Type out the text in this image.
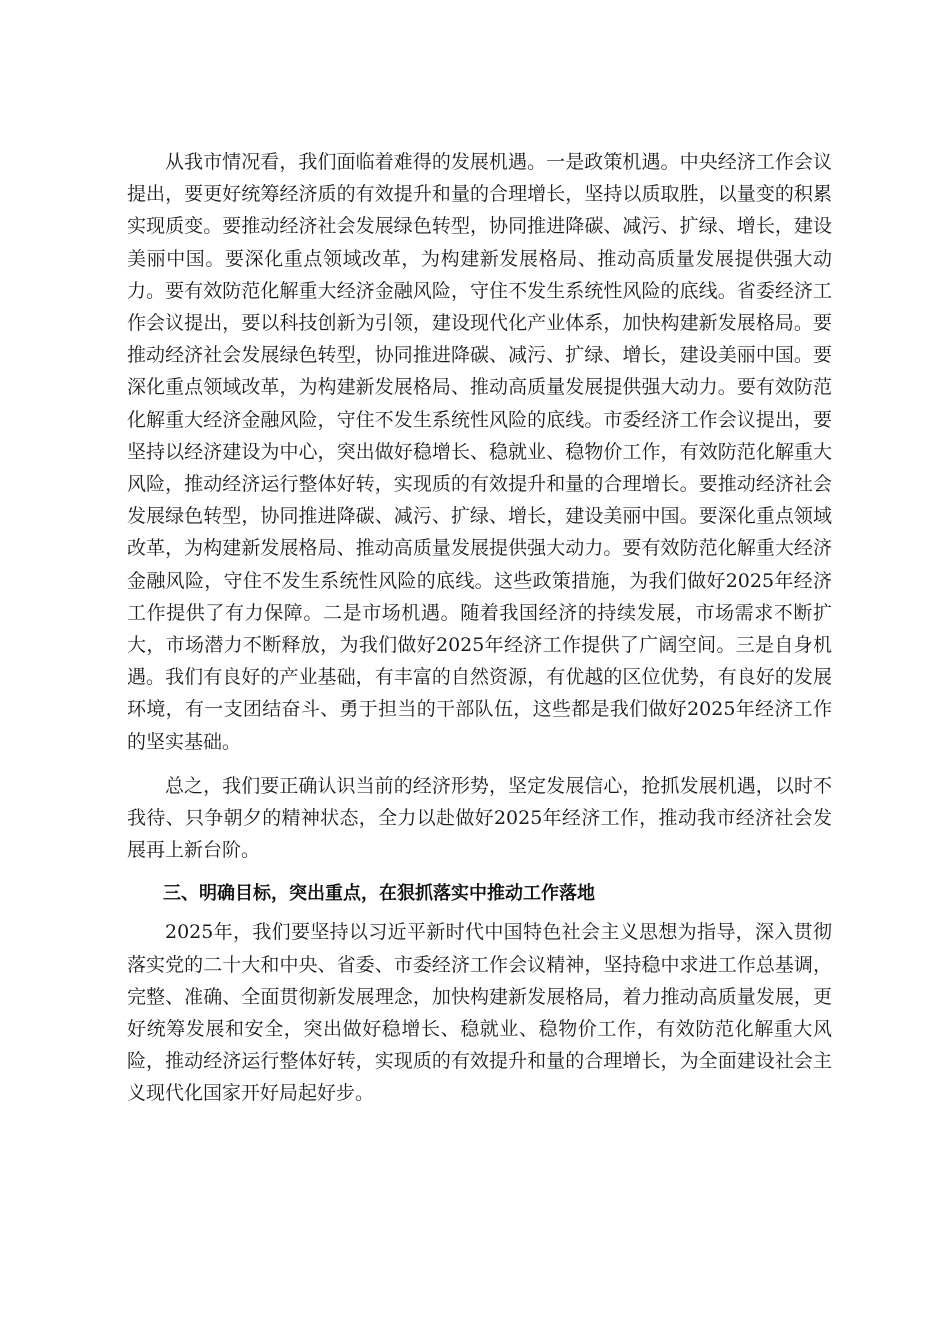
从我市情况看，我们面临着难得的发展机遇。一是政策机遇。中央经济工作会议提出，要更好统筹经济质的有效提升和量的合理增长，坚持以质取胜，以量变的积累实现质变。要推动经济社会发展绿色转型，协同推进降碳、减污、扩绿、增长，建设美丽中国。要深化重点领域改革，为构建新发展格局、推动高质量发展提供强大动力。要有效防范化解重大经济金融风险，守住不发生系统性风险的底线。省委经济工作会议提出，要以科技创新为引领，建设现代化产业体系，加快构建新发展格局。要推动经济社会发展绿色转型，协同推进降碳、减污、扩绿、增长，建设美丽中国。要深化重点领域改革，为构建新发展格局、推动高质量发展提供强大动力。要有效防范化解重大经济金融风险，守住不发生系统性风险的底线。市委经济工作会议提出，要坚持以经济建设为中心，突出做好稳增长、稳就业、稳物价工作，有效防范化解重大风险，推动经济运行整体好转，实现质的有效提升和量的合理增长。要推动经济社会发展绿色转型，协同推进降碳、减污、扩绿、增长，建设美丽中国。要深化重点领域改革，为构建新发展格局、推动高质量发展提供强大动力。要有效防范化解重大经济金融风险，守住不发生系统性风险的底线。这些政策措施，为我们做好2025年经济工作提供了有力保障。二是市场机遇。随着我国经济的持续发展，市场需求不断扩大，市场潜力不断释放，为我们做好2025年经济工作提供了广阔空间。三是自身机遇。我们有良好的产业基础，有丰富的自然资源，有优越的区位优势，有良好的发展环境，有一支团结奋斗、勇于担当的干部队伍，这些都是我们做好2025年经济工作的坚实基础。

总之，我们要正确认识当前的经济形势，坚定发展信心，抢抓发展机遇，以时不我待、只争朝夕的精神状态，全力以赴做好2025年经济工作，推动我市经济社会发展再上新台阶。

三、明确目标，突出重点，在狠抓落实中推动工作落地

2025年，我们要坚持以习近平新时代中国特色社会主义思想为指导，深入贯彻落实党的二十大和中央、省委、市委经济工作会议精神，坚持稳中求进工作总基调，完整、准确、全面贯彻新发展理念，加快构建新发展格局，着力推动高质量发展，更好统筹发展和安全，突出做好稳增长、稳就业、稳物价工作，有效防范化解重大风险，推动经济运行整体好转，实现质的有效提升和量的合理增长，为全面建设社会主义现代化国家开好局起好步。
